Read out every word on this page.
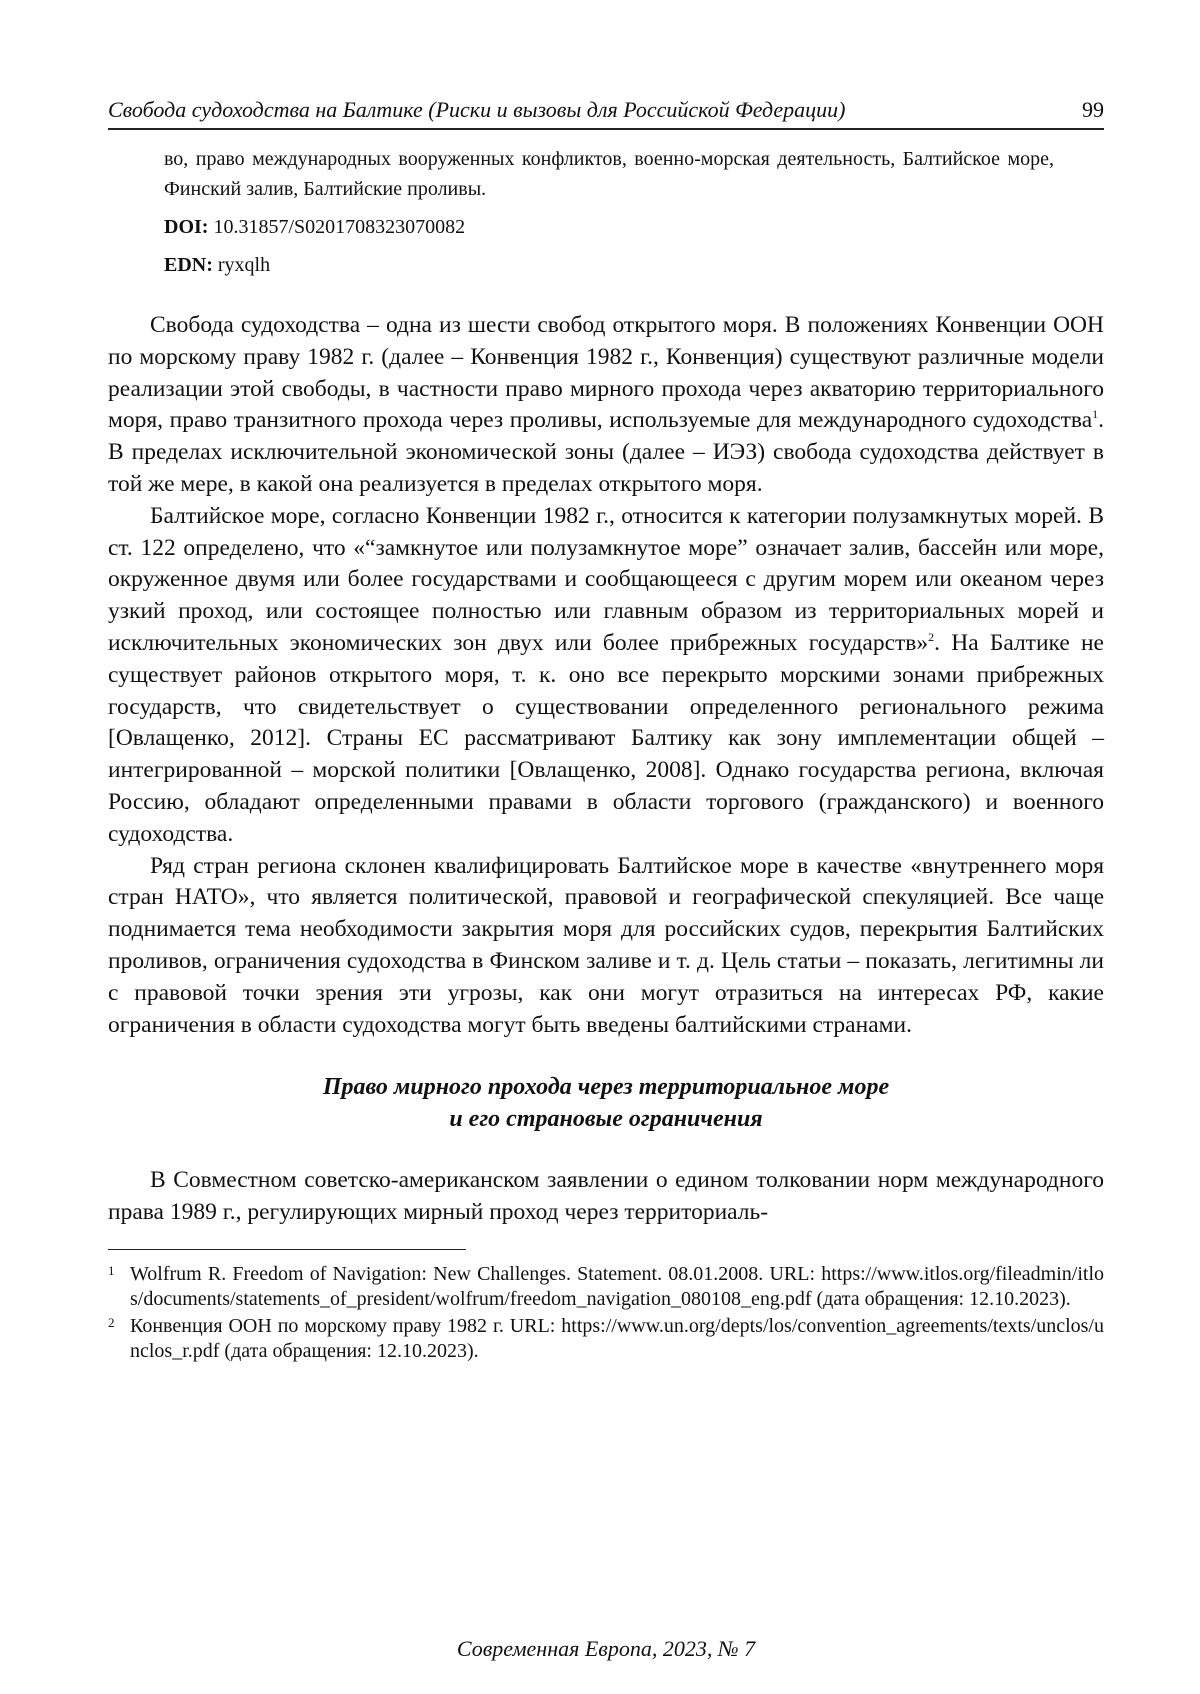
Свобода судоходства на Балтике (Риски и вызовы для Российской Федерации)	99
во, право международных вооруженных конфликтов, военно-морская деятельность, Балтийское море, Финский залив, Балтийские проливы.
DOI: 10.31857/S0201708323070082
EDN: ryxqlh

Свобода судоходства – одна из шести свобод открытого моря. В положениях Конвенции ООН по морскому праву 1982 г. (далее – Конвенция 1982 г., Конвенция) существуют различные модели реализации этой свободы, в частности право мирного прохода через акваторию территориального моря, право транзитного прохода через проливы, используемые для международного судоходства$^1$. В пределах исключительной экономической зоны (далее – ИЭЗ) свобода судоходства действует в той же мере, в какой она реализуется в пределах открытого моря.

Балтийское море, согласно Конвенции 1982 г., относится к категории полузамкнутых морей. В ст. 122 определено, что «“замкнутое или полузамкнутое море” означает залив, бассейн или море, окруженное двумя или более государствами и сообщающееся с другим морем или океаном через узкий проход, или состоящее полностью или главным образом из территориальных морей и исключительных экономических зон двух или более прибрежных государств»$^2$. На Балтике не существует районов открытого моря, т. к. оно все перекрыто морскими зонами прибрежных государств, что свидетельствует о существовании определенного регионального режима [Овлащенко, 2012]. Страны ЕС рассматривают Балтику как зону имплементации общей – интегрированной – морской политики [Овлащенко, 2008]. Однако государства региона, включая Россию, обладают определенными правами в области торгового (гражданского) и военного судоходства.

Ряд стран региона склонен квалифицировать Балтийское море в качестве «внутреннего моря стран НАТО», что является политической, правовой и географической спекуляцией. Все чаще поднимается тема необходимости закрытия моря для российских судов, перекрытия Балтийских проливов, ограничения судоходства в Финском заливе и т. д. Цель статьи – показать, легитимны ли с правовой точки зрения эти угрозы, как они могут отразиться на интересах РФ, какие ограничения в области судоходства могут быть введены балтийскими странами.

Право мирного прохода через территориальное море
и его страновые ограничения

В Совместном советско-американском заявлении о едином толковании норм международного права 1989 г., регулирующих мирный проход через территориаль-

1 Wolfrum R. Freedom of Navigation: New Challenges. Statement. 08.01.2008. URL: https://www.itlos.org/fileadmin/itlos/documents/statements_of_president/wolfrum/freedom_navigation_080108_eng.pdf (дата обращения: 12.10.2023).
2 Конвенция ООН по морскому праву 1982 г. URL: https://www.un.org/depts/los/convention_agreements/texts/unclos/unclos_r.pdf (дата обращения: 12.10.2023).
Современная Европа, 2023, № 7
